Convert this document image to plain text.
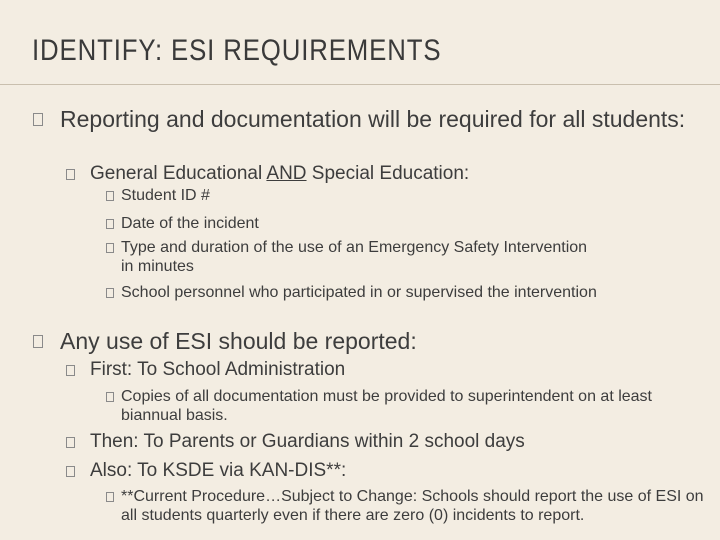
IDENTIFY: ESI REQUIREMENTS
Reporting and documentation will be required for all students:
General Educational AND Special Education:
Student ID #
Date of the incident
Type and duration of the use of an Emergency Safety Intervention in minutes
School personnel who participated in or supervised the intervention
Any use of ESI should be reported:
First: To School Administration
Copies of all documentation must be provided to superintendent on at least biannual basis.
Then: To Parents or Guardians within 2 school days
Also: To KSDE via KAN-DIS**:
**Current Procedure…Subject to Change: Schools should report the use of ESI on all students quarterly even if there are zero (0) incidents to report.
